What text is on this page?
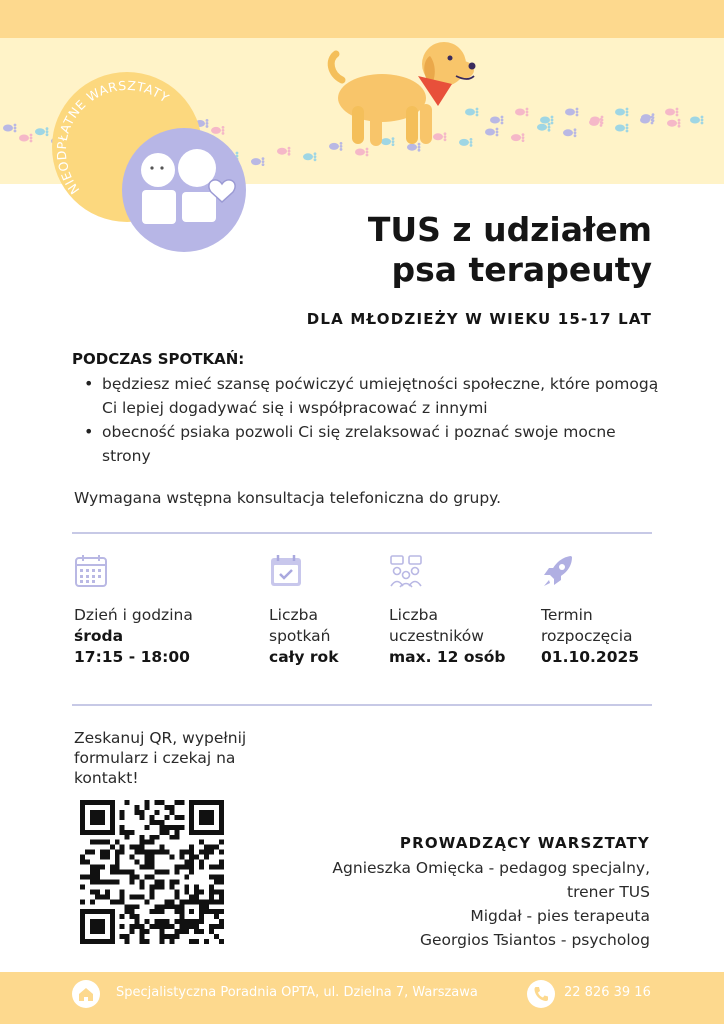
NIEODPŁATNE WARSZTATY
TUS z udziałem
psa terapeuty
DLA MŁODZIEŻY W WIEKU 15-17 LAT
PODCZAS SPOTKAŃ:
• będziesz mieć szansę poćwiczyć umiejętności społeczne, które pomogą Ci lepiej dogadywać się i współpracować z innymi
• obecność psiaka pozwoli Ci się zrelaksować i poznać swoje mocne strony
Wymagana wstępna konsultacja telefoniczna do grupy.
Dzień i godzina
środa
17:15 - 18:00
Liczba spotkań
cały rok
Liczba uczestników
max. 12 osób
Termin rozpoczęcia
01.10.2025
Zeskanuj QR, wypełnij formularz i czekaj na kontakt!
PROWADZĄCY WARSZTATY
Agnieszka Omięcka - pedagog specjalny,
trener TUS
Migdał - pies terapeuta
Georgios Tsiantos - psycholog
Specjalistyczna Poradnia OPTA, ul. Dzielna 7, Warszawa	22 826 39 16
